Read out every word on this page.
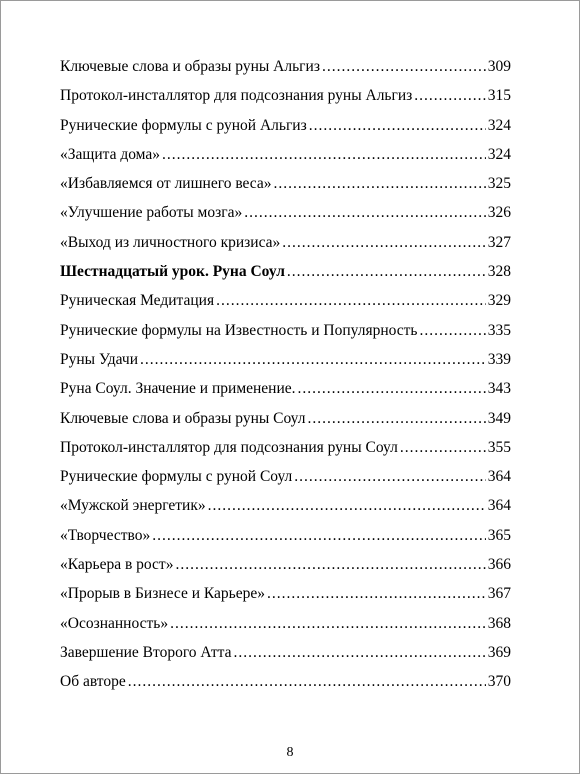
Ключевые слова и образы руны Альгиз .....	309
Протокол-инсталлятор для подсознания руны Альгиз .....	315
Рунические формулы с руной Альгиз .....	324
«Защита дома» .....	324
«Избавляемся от лишнего веса» .....	325
«Улучшение работы мозга» .....	326
«Выход из личностного кризиса» .....	327
Шестнадцатый урок. Руна Соул .....	328
Руническая Медитация .....	329
Рунические формулы на Известность и Популярность .....	335
Руны Удачи .....	339
Руна Соул. Значение и применение. .....	343
Ключевые слова и образы руны Соул .....	349
Протокол-инсталлятор для подсознания руны Соул .....	355
Рунические формулы с руной Соул .....	364
«Мужской энергетик» .....	364
«Творчество» .....	365
«Карьера в рост» .....	366
«Прорыв в Бизнесе и Карьере» .....	367
«Осознанность» .....	368
Завершение Второго Атта .....	369
Об авторе .....	370
8
